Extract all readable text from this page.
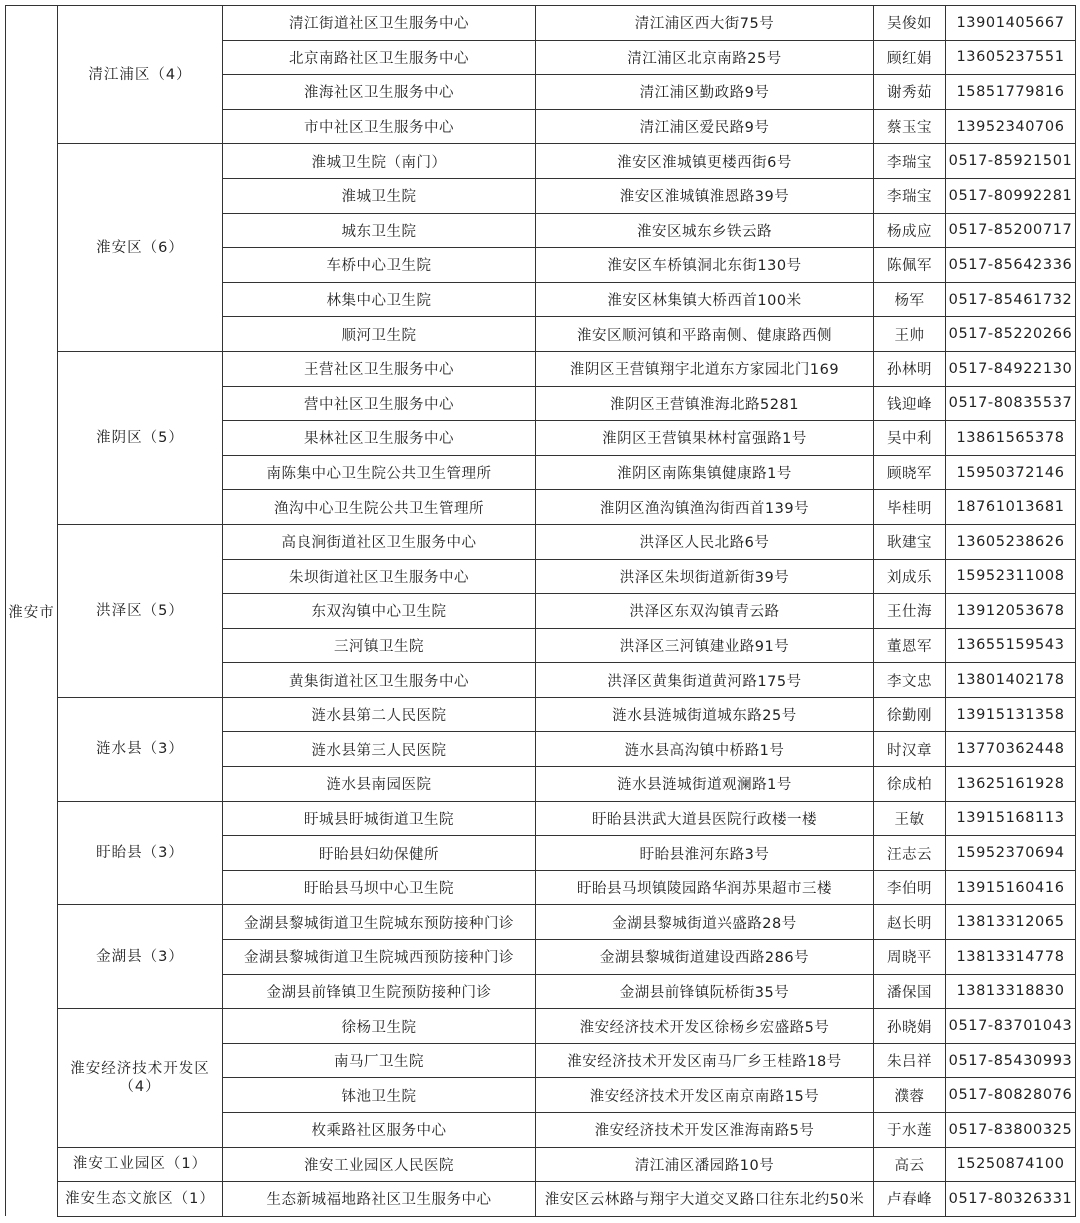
淮安市	清江浦区（4）	清江街道社区卫生服务中心	清江浦区西大街75号	吴俊如	13901405667
		北京南路社区卫生服务中心	清江浦区北京南路25号	顾红娟	13605237551
		淮海社区卫生服务中心	清江浦区勤政路9号	谢秀茹	15851779816
		市中社区卫生服务中心	清江浦区爱民路9号	蔡玉宝	13952340706
	淮安区（6）	淮城卫生院（南门）	淮安区淮城镇更楼西街6号	李瑞宝	0517-85921501
		淮城卫生院	淮安区淮城镇淮恩路39号	李瑞宝	0517-80992281
		城东卫生院	淮安区城东乡铁云路	杨成应	0517-85200717
		车桥中心卫生院	淮安区车桥镇洞北东街130号	陈佩军	0517-85642336
		林集中心卫生院	淮安区林集镇大桥西首100米	杨军	0517-85461732
		顺河卫生院	淮安区顺河镇和平路南侧、健康路西侧	王帅	0517-85220266
	淮阴区（5）	王营社区卫生服务中心	淮阴区王营镇翔宇北道东方家园北门169	孙林明	0517-84922130
		营中社区卫生服务中心	淮阴区王营镇淮海北路5281	钱迎峰	0517-80835537
		果林社区卫生服务中心	淮阴区王营镇果林村富强路1号	吴中利	13861565378
		南陈集中心卫生院公共卫生管理所	淮阴区南陈集镇健康路1号	顾晓军	15950372146
		渔沟中心卫生院公共卫生管理所	淮阴区渔沟镇渔沟街西首139号	毕桂明	18761013681
	洪泽区（5）	高良涧街道社区卫生服务中心	洪泽区人民北路6号	耿建宝	13605238626
		朱坝街道社区卫生服务中心	洪泽区朱坝街道新街39号	刘成乐	15952311008
		东双沟镇中心卫生院	洪泽区东双沟镇青云路	王仕海	13912053678
		三河镇卫生院	洪泽区三河镇建业路91号	董恩军	13655159543
		黄集街道社区卫生服务中心	洪泽区黄集街道黄河路175号	李文忠	13801402178
	涟水县（3）	涟水县第二人民医院	涟水县涟城街道城东路25号	徐勤刚	13915131358
		涟水县第三人民医院	涟水县高沟镇中桥路1号	时汉章	13770362448
		涟水县南园医院	涟水县涟城街道观澜路1号	徐成柏	13625161928
	盱眙县（3）	盱城县盱城街道卫生院	盱眙县洪武大道县医院行政楼一楼	王敏	13915168113
		盱眙县妇幼保健所	盱眙县淮河东路3号	汪志云	15952370694
		盱眙县马坝中心卫生院	盱眙县马坝镇陵园路华润苏果超市三楼	李伯明	13915160416
	金湖县（3）	金湖县黎城街道卫生院城东预防接种门诊	金湖县黎城街道兴盛路28号	赵长明	13813312065
		金湖县黎城街道卫生院城西预防接种门诊	金湖县黎城街道建设西路286号	周晓平	13813314778
		金湖县前锋镇卫生院预防接种门诊	金湖县前锋镇阮桥街35号	潘保国	13813318830
	淮安经济技术开发区（4）	徐杨卫生院	淮安经济技术开发区徐杨乡宏盛路5号	孙晓娟	0517-83701043
		南马厂卫生院	淮安经济技术开发区南马厂乡王桂路18号	朱吕祥	0517-85430993
		钵池卫生院	淮安经济技术开发区南京南路15号	濮蓉	0517-80828076
		枚乘路社区服务中心	淮安经济技术开发区淮海南路5号	于水莲	0517-83800325
	淮安工业园区（1）	淮安工业园区人民医院	清江浦区潘园路10号	高云	15250874100
	淮安生态文旅区（1）	生态新城福地路社区卫生服务中心	淮安区云林路与翔宇大道交叉路口往东北约50米	卢春峰	0517-80326331
